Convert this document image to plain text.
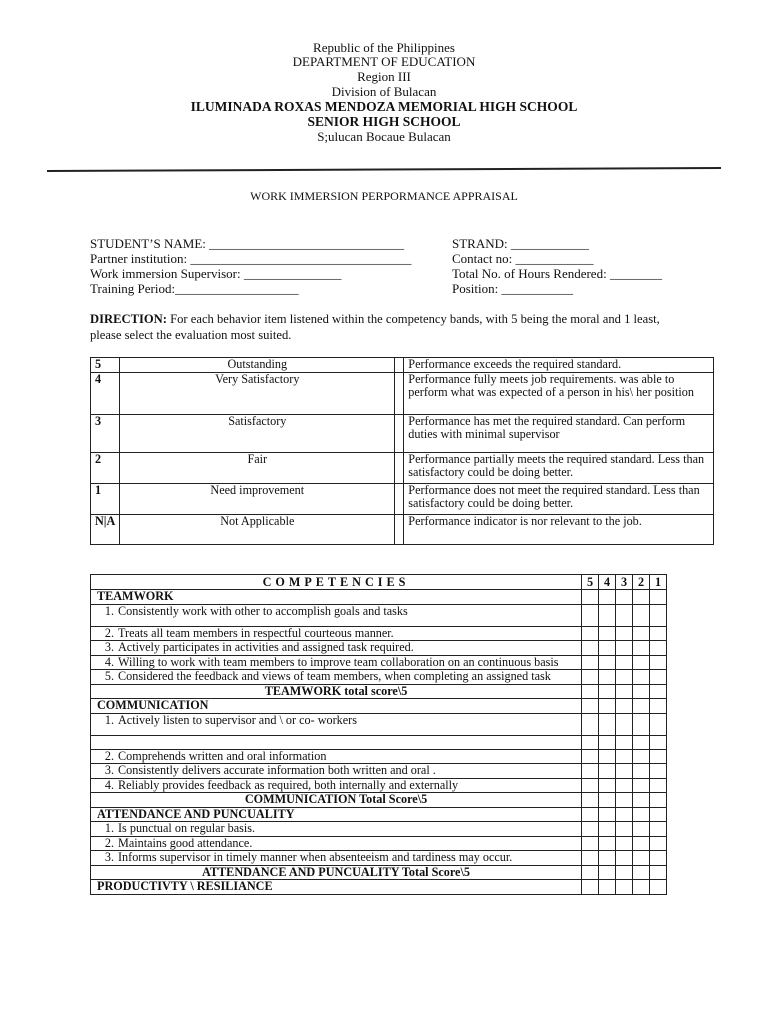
Republic of the Philippines
DEPARTMENT OF EDUCATION
Region III
Division of Bulacan
ILUMINADA ROXAS MENDOZA MEMORIAL HIGH SCHOOL
SENIOR HIGH SCHOOL
S;ulucan Bocaue Bulacan
WORK IMMERSION PERPORMANCE APPRAISAL
STUDENT’S NAME: ______________________________
Partner institution: __________________________________
Work immersion Supervisor: _______________
Training Period:___________________
STRAND: ____________
Contact no: ____________
Total No. of Hours Rendered: ________
Position: ___________
DIRECTION: For each behavior item listened within the competency bands, with 5 being the moral and 1 least, please select the evaluation most suited.
5	Outstanding		Performance exceeds the required standard.
4	Very Satisfactory		Performance fully meets job requirements. was able to perform what was expected of a person in his\ her position
3	Satisfactory		Performance has met the required standard. Can perform duties with minimal supervisor
2	Fair		Performance partially meets the required standard. Less than satisfactory could be doing better.
1	Need improvement		Performance does not meet the required standard. Less than satisfactory could be doing better.
N|A	Not Applicable		Performance indicator is nor relevant to the job.
COMPETENCIES	5	4	3	2	1
TEAMWORK					
1. Consistently work with other to accomplish goals and tasks					
2. Treats all team members in respectful courteous manner.					
3. Actively participates in activities and assigned task required.					
4. Willing to work with team members to improve team collaboration on an continuous basis					
5. Considered the feedback and views of team members, when completing an assigned task					
TEAMWORK total score\5					
COMMUNICATION					
1. Actively listen to supervisor and \ or co- workers					

2. Comprehends written and oral information					
3. Consistently delivers accurate information both written and oral .					
4. Reliably provides feedback as required, both internally and externally					
COMMUNICATION Total Score\5					
ATTENDANCE AND PUNCUALITY					
1. Is punctual on regular basis.					
2. Maintains good attendance.					
3. Informs supervisor in timely manner when absenteeism and tardiness may occur.					
ATTENDANCE AND PUNCUALITY Total Score\5					
PRODUCTIVTY \ RESILIANCE					
